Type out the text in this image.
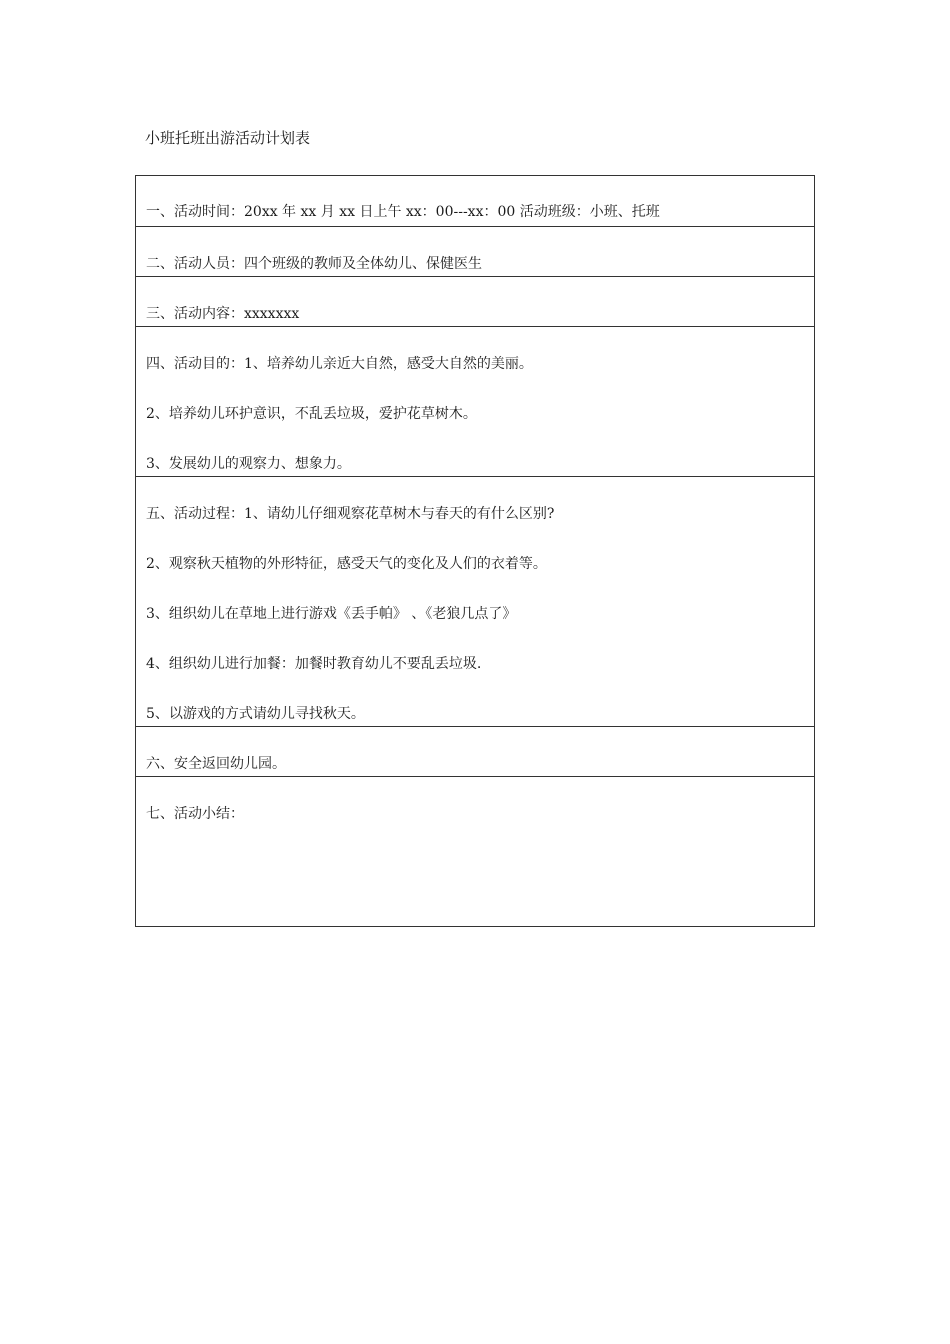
小班托班出游活动计划表
一、活动时间：20xx 年 xx 月 xx 日上午 xx：00---xx：00 活动班级：小班、托班
二、活动人员：四个班级的教师及全体幼儿、保健医生
三、活动内容：xxxxxxx
四、活动目的：1、培养幼儿亲近大自然，感受大自然的美丽。
2、培养幼儿环护意识，不乱丢垃圾，爱护花草树木。
3、发展幼儿的观察力、想象力。
五、活动过程：1、请幼儿仔细观察花草树木与春天的有什么区别?
2、观察秋天植物的外形特征，感受天气的变化及人们的衣着等。
3、组织幼儿在草地上进行游戏《丢手帕》 、《老狼几点了》
4、组织幼儿进行加餐：加餐时教育幼儿不要乱丢垃圾.
5、以游戏的方式请幼儿寻找秋天。
六、安全返回幼儿园。
七、活动小结：
